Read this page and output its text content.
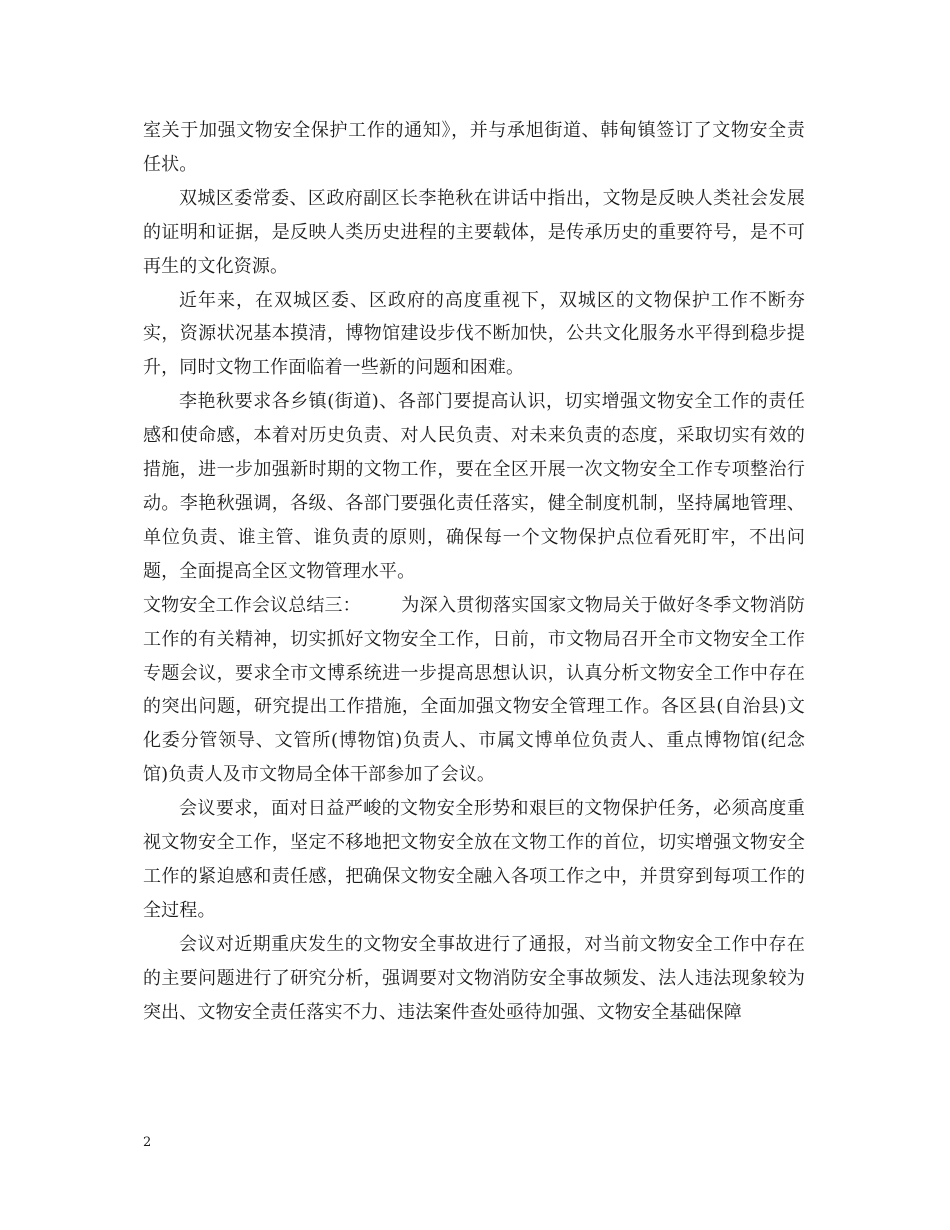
室关于加强文物安全保护工作的通知》，并与承旭街道、韩甸镇签订了文物安全责任状。

双城区委常委、区政府副区长李艳秋在讲话中指出，文物是反映人类社会发展的证明和证据，是反映人类历史进程的主要载体，是传承历史的重要符号，是不可再生的文化资源。

近年来，在双城区委、区政府的高度重视下，双城区的文物保护工作不断夯实，资源状况基本摸清，博物馆建设步伐不断加快，公共文化服务水平得到稳步提升，同时文物工作面临着一些新的问题和困难。

李艳秋要求各乡镇(街道)、各部门要提高认识，切实增强文物安全工作的责任感和使命感，本着对历史负责、对人民负责、对未来负责的态度，采取切实有效的措施，进一步加强新时期的文物工作，要在全区开展一次文物安全工作专项整治行动。李艳秋强调，各级、各部门要强化责任落实，健全制度机制，坚持属地管理、单位负责、谁主管、谁负责的原则，确保每一个文物保护点位看死盯牢，不出问题，全面提高全区文物管理水平。

文物安全工作会议总结三： 为深入贯彻落实国家文物局关于做好冬季文物消防工作的有关精神，切实抓好文物安全工作，日前，市文物局召开全市文物安全工作专题会议，要求全市文博系统进一步提高思想认识，认真分析文物安全工作中存在的突出问题，研究提出工作措施，全面加强文物安全管理工作。各区县(自治县)文化委分管领导、文管所(博物馆)负责人、市属文博单位负责人、重点博物馆(纪念馆)负责人及市文物局全体干部参加了会议。

会议要求，面对日益严峻的文物安全形势和艰巨的文物保护任务，必须高度重视文物安全工作，坚定不移地把文物安全放在文物工作的首位，切实增强文物安全工作的紧迫感和责任感，把确保文物安全融入各项工作之中，并贯穿到每项工作的全过程。

会议对近期重庆发生的文物安全事故进行了通报，对当前文物安全工作中存在的主要问题进行了研究分析，强调要对文物消防安全事故频发、法人违法现象较为突出、文物安全责任落实不力、违法案件查处亟待加强、文物安全基础保障

2
